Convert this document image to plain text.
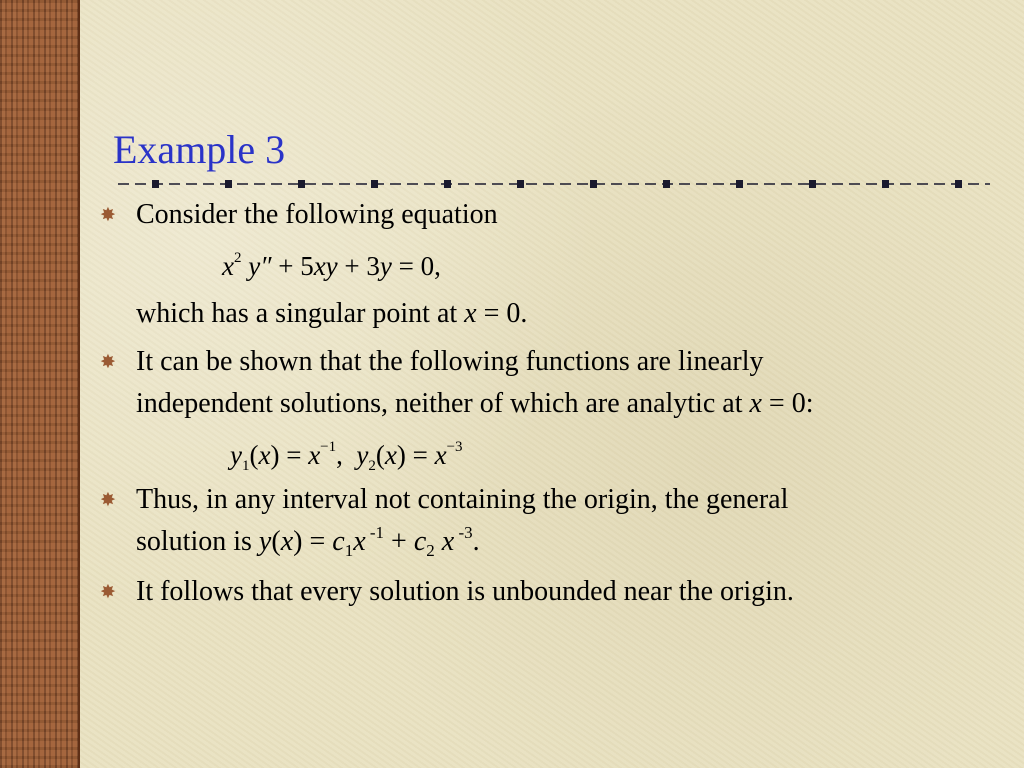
Example 3
✸ Consider the following equation
$x^2$ y″ + 5xy + 3y = 0,
which has a singular point at x = 0.
✸ It can be shown that the following functions are linearly
independent solutions, neither of which are analytic at x = 0:
$y_1(x) = x^{-1}$,  $y_2(x) = x^{-3}$
✸ Thus, in any interval not containing the origin, the general
solution is $y(x) = c_1x$ $^{-1} + c_2$ x $^{-3}$.
✸ It follows that every solution is unbounded near the origin.
